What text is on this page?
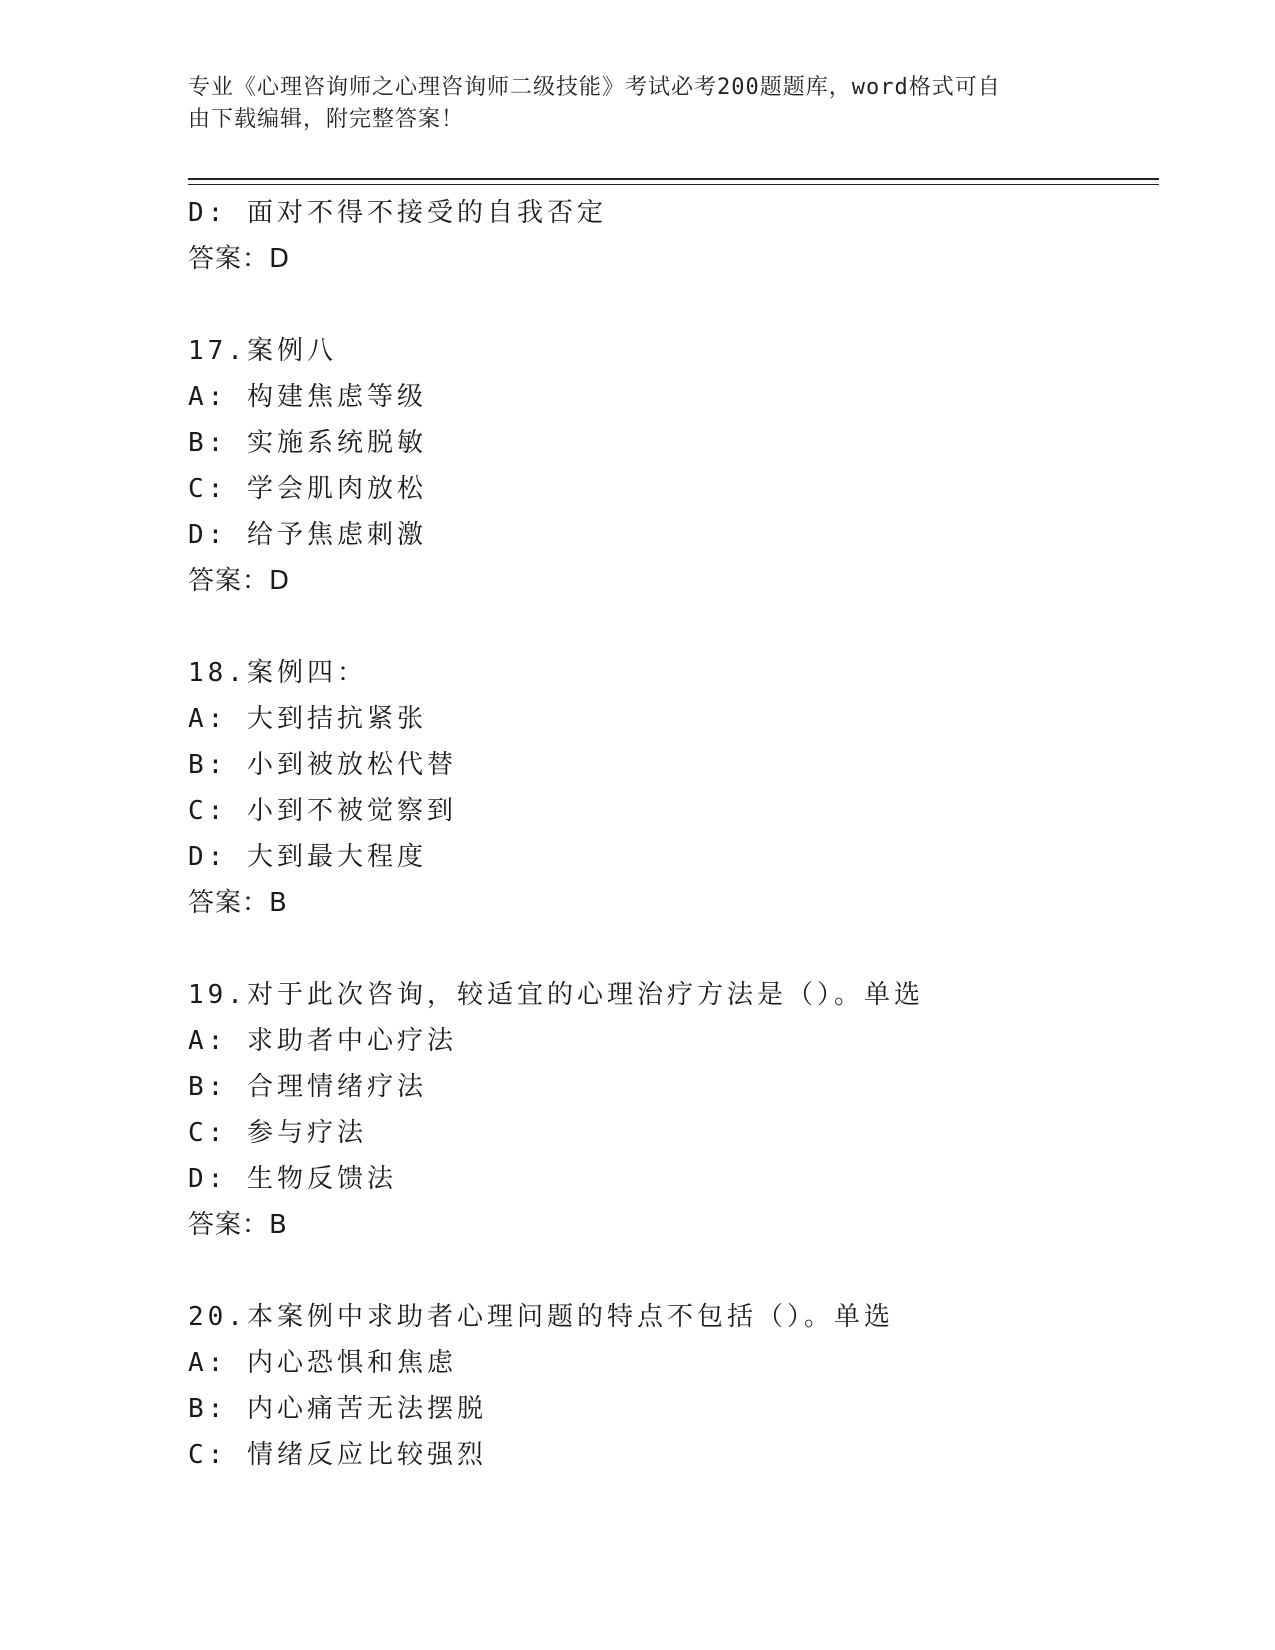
专业《心理咨询师之心理咨询师二级技能》考试必考200题题库，word格式可自
由下载编辑，附完整答案！
D: 面对不得不接受的自我否定
答案：D
17.案例八
A: 构建焦虑等级
B: 实施系统脱敏
C: 学会肌肉放松
D: 给予焦虑刺激
答案：D
18.案例四：
A: 大到拮抗紧张
B: 小到被放松代替
C: 小到不被觉察到
D: 大到最大程度
答案：B
19.对于此次咨询，较适宜的心理治疗方法是（）。单选
A: 求助者中心疗法
B: 合理情绪疗法
C: 参与疗法
D: 生物反馈法
答案：B
20.本案例中求助者心理问题的特点不包括（）。单选
A: 内心恐惧和焦虑
B: 内心痛苦无法摆脱
C: 情绪反应比较强烈
